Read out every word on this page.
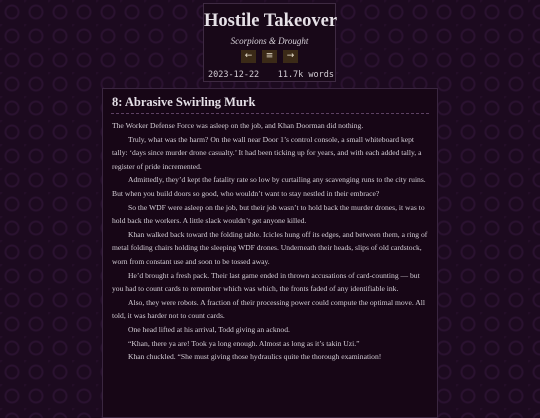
Hostile Takeover
Scorpions & Drought
←	≡	→
2023-12-22 11.7k words
8: Abrasive Swirling Murk

The Worker Defense Force was asleep on the job, and Khan Doorman did nothing.

Truly, what was the harm? On the wall near Door 1’s control console, a small whiteboard kept tally: ‘days since murder drone casualty.’ It had been ticking up for years, and with each added tally, a register of pride incremented.

Admittedly, they’d kept the fatality rate so low by curtailing any scavenging runs to the city ruins. But when you build doors so good, who wouldn’t want to stay nestled in their embrace?

So the WDF were asleep on the job, but their job wasn’t to hold back the murder drones, it was to hold back the workers. A little slack wouldn’t get anyone killed.

Khan walked back toward the folding table. Icicles hung off its edges, and between them, a ring of metal folding chairs holding the sleeping WDF drones. Underneath their heads, slips of old cardstock, worn from constant use and soon to be tossed away.

He’d brought a fresh pack. Their last game ended in thrown accusations of card-counting — but you had to count cards to remember which was which, the fronts faded of any identifiable ink.

Also, they were robots. A fraction of their processing power could compute the optimal move. All told, it was harder not to count cards.

One head lifted at his arrival, Todd giving an acknod.

“Khan, there ya are! Took ya long enough. Almost as long as it’s takin Uzi.”

Khan chuckled. “She must giving those hydraulics quite the thorough examination!
